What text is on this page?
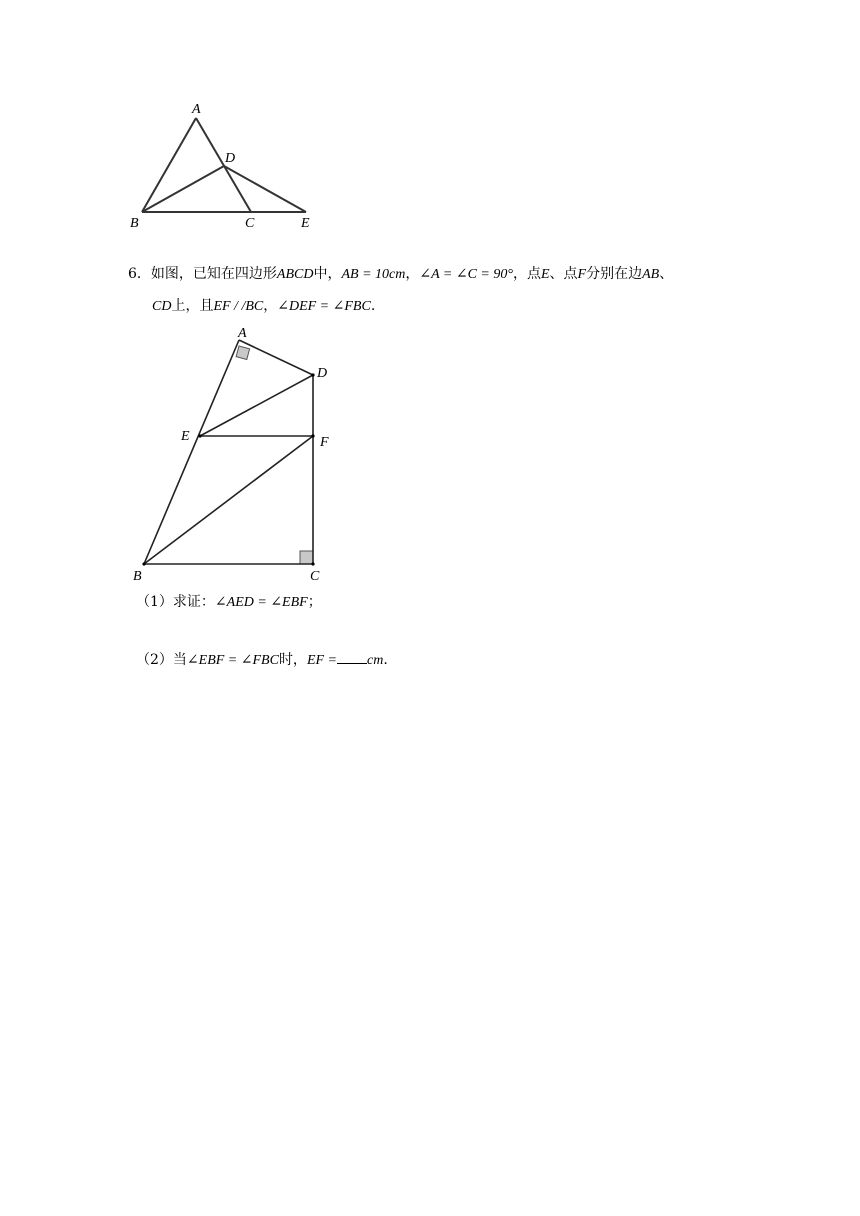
A
D
B	C	E
6．如图，已知在四边形ABCD中，AB = 10cm，∠A = ∠C = 90°，点E、点F分别在边AB、
CD上，且EF / /BC，∠DEF = ∠FBC.
A
D
E	F
B	C
（1）求证：∠AED = ∠EBF；
（2）当∠EBF = ∠FBC时，EF = cm.
